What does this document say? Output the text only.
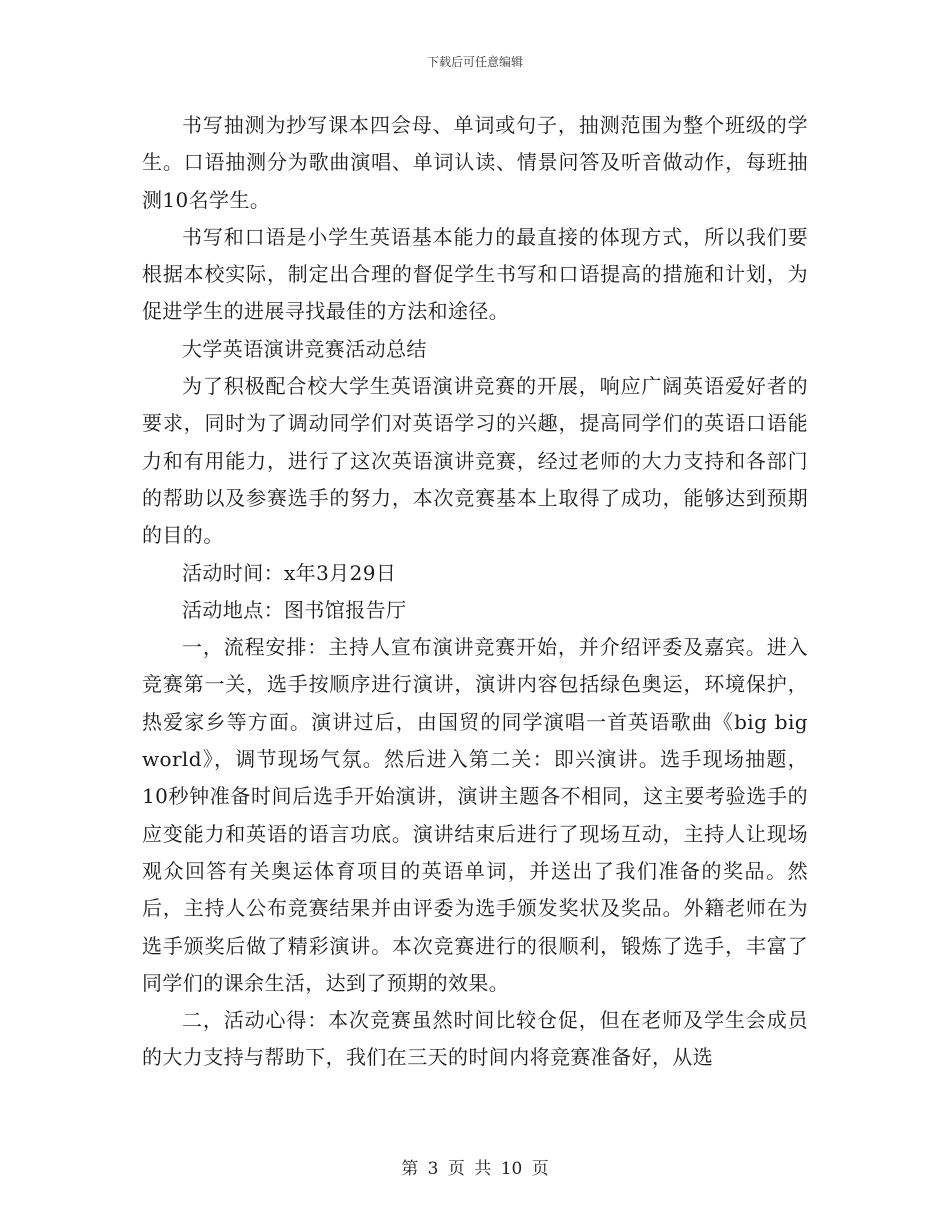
下载后可任意编辑

书写抽测为抄写课本四会母、单词或句子，抽测范围为整个班级的学生。口语抽测分为歌曲演唱、单词认读、情景问答及听音做动作，每班抽测10名学生。

书写和口语是小学生英语基本能力的最直接的体现方式，所以我们要根据本校实际，制定出合理的督促学生书写和口语提高的措施和计划，为促进学生的进展寻找最佳的方法和途径。

大学英语演讲竞赛活动总结

为了积极配合校大学生英语演讲竞赛的开展，响应广阔英语爱好者的要求，同时为了调动同学们对英语学习的兴趣，提高同学们的英语口语能力和有用能力，进行了这次英语演讲竞赛，经过老师的大力支持和各部门的帮助以及参赛选手的努力，本次竞赛基本上取得了成功，能够达到预期的目的。

活动时间：x年3月29日

活动地点：图书馆报告厅

一，流程安排：主持人宣布演讲竞赛开始，并介绍评委及嘉宾。进入竞赛第一关，选手按顺序进行演讲，演讲内容包括绿色奥运，环境保护，热爱家乡等方面。演讲过后，由国贸的同学演唱一首英语歌曲《big big world》，调节现场气氛。然后进入第二关：即兴演讲。选手现场抽题，10秒钟准备时间后选手开始演讲，演讲主题各不相同，这主要考验选手的应变能力和英语的语言功底。演讲结束后进行了现场互动，主持人让现场观众回答有关奥运体育项目的英语单词，并送出了我们准备的奖品。然后，主持人公布竞赛结果并由评委为选手颁发奖状及奖品。外籍老师在为选手颁奖后做了精彩演讲。本次竞赛进行的很顺利，锻炼了选手，丰富了同学们的课余生活，达到了预期的效果。

二，活动心得：本次竞赛虽然时间比较仓促，但在老师及学生会成员的大力支持与帮助下，我们在三天的时间内将竞赛准备好，从选

第 3 页 共 10 页
